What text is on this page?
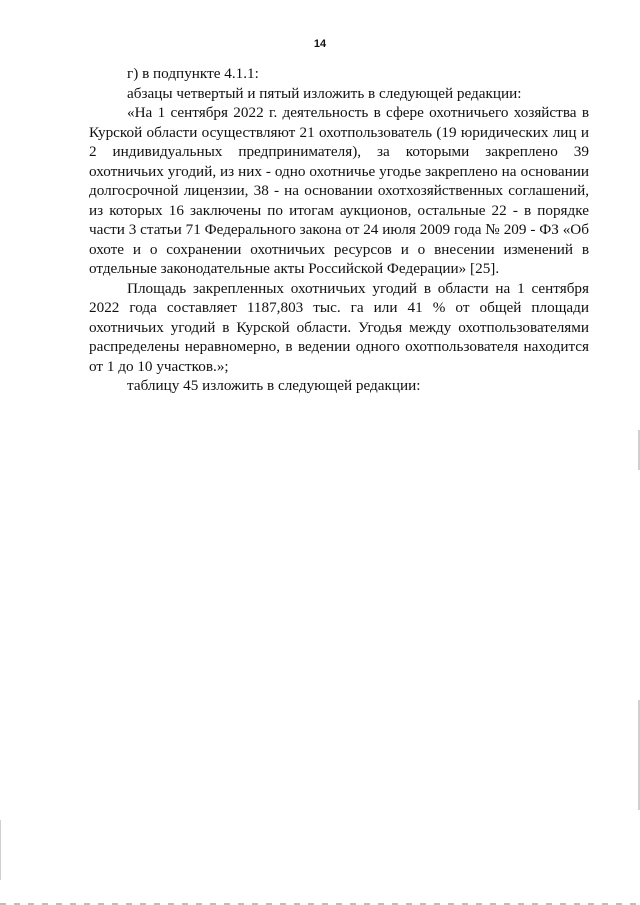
14

г) в подпункте 4.1.1:

абзацы четвертый и пятый изложить в следующей редакции:

«На 1 сентября 2022 г. деятельность в сфере охотничьего хозяйства в Курской области осуществляют 21 охотпользователь (19 юридических лиц и 2 индивидуальных предпринимателя), за которыми закреплено 39 охотничьих угодий, из них - одно охотничье угодье закреплено на основании долгосрочной лицензии, 38 - на основании охотхозяйственных соглашений, из которых 16 заключены по итогам аукционов, остальные 22 - в порядке части 3 статьи 71 Федерального закона от 24 июля 2009 года № 209 - ФЗ «Об охоте и о сохранении охотничьих ресурсов и о внесении изменений в отдельные законодательные акты Российской Федерации» [25].

Площадь закрепленных охотничьих угодий в области на 1 сентября 2022 года составляет 1187,803 тыс. га или 41 % от общей площади охотничьих угодий в Курской области. Угодья между охотпользователями распределены неравномерно, в ведении одного охотпользователя находится от 1 до 10 участков.»;

таблицу 45 изложить в следующей редакции:
